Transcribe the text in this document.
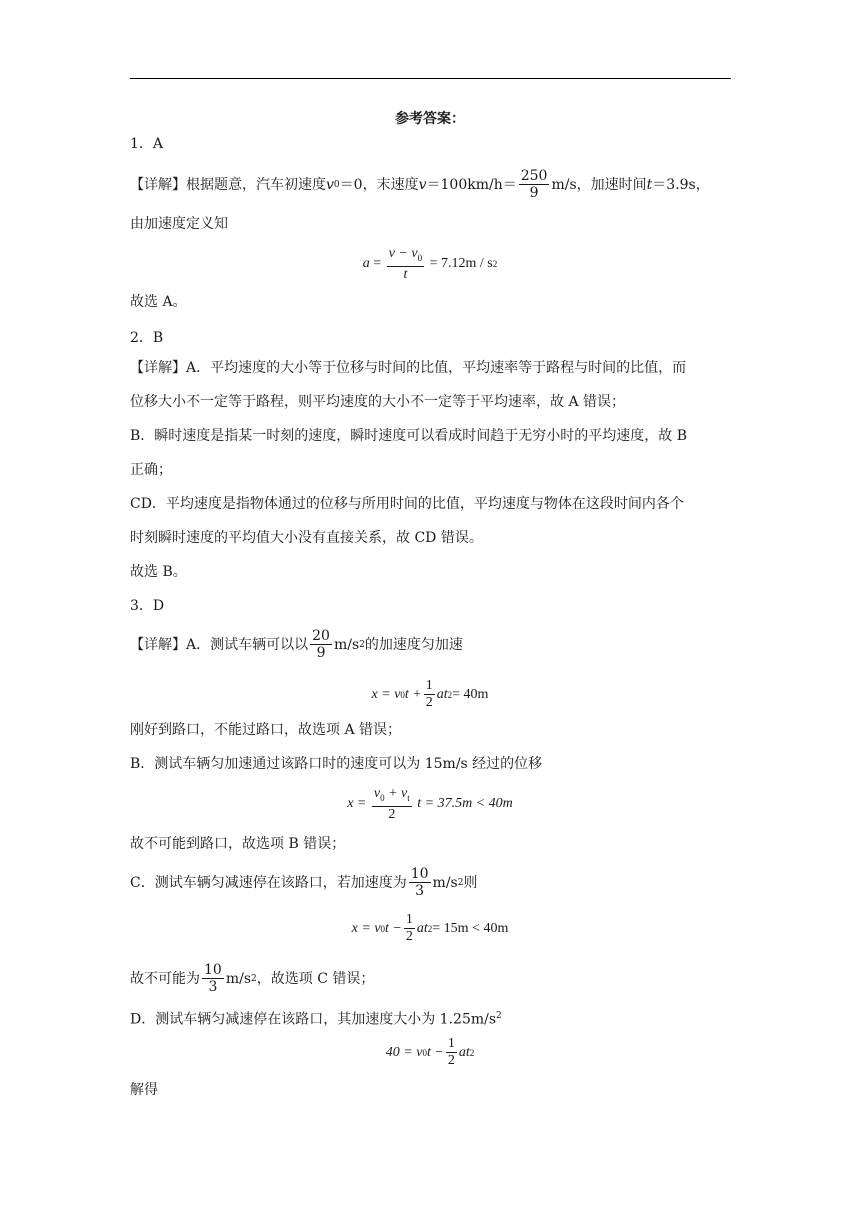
参考答案：
1．A
【详解】根据题意，汽车初速度 v 0 ＝0，末速度 $v =100km/h= \frac{250}{9} m/s$，加速时间 t ＝3.9s，
由加速度定义知
a
=
$\frac{v - v_0}{t}$
= 7.12m / s 2
故选 A。
2．B
【详解】A．平均速度的大小等于位移与时间的比值，平均速率等于路程与时间的比值，而
位移大小不一定等于路程，则平均速度的大小不一定等于平均速率，故 A 错误；
B．瞬时速度是指某一时刻的速度，瞬时速度可以看成时间趋于无穷小时的平均速度，故 B
正确；
CD．平均速度是指物体通过的位移与所用时间的比值，平均速度与物体在这段时间内各个
时刻瞬时速度的平均值大小没有直接关系，故 CD 错误。
故选 B。
3．D
【详解】A．测试车辆可以以 $\frac{20}{9} m/s$ 2 的加速度匀加速
x = v 0 $t + \frac{1}{2}$ at 2 = 40m
刚好到路口，不能过路口，故选项 A 错误；
B．测试车辆匀加速通过该路口时的速度可以为 15m/s 经过的位移
x =
$\frac{v_0 + v_t}{2}$
t = 37.5m < 40m
故不可能到路口，故选项 B 错误；
C．测试车辆匀减速停在该路口，若加速度为 $\frac{10}{3} m/s$ 2 则
x = v 0 $t - \frac{1}{2}$ at 2 = 15m < 40m
故不可能为 $\frac{10}{3} m/s$ 2 ，故选项 C 错误；
D．测试车辆匀减速停在该路口，其加速度大小为 $1.25m/s^2$
40 = v 0 $t - \frac{1}{2}$ at 2
解得
